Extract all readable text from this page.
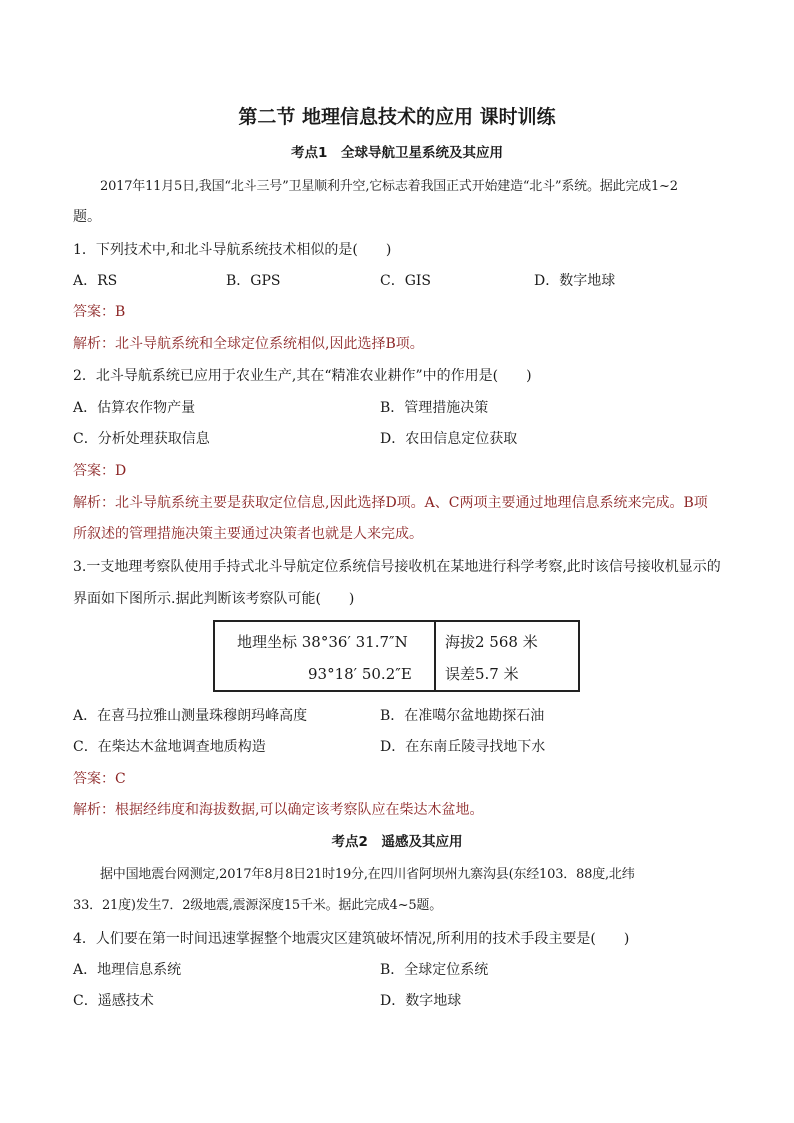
第二节 地理信息技术的应用 课时训练
考点1　全球导航卫星系统及其应用
2017年11月5日,我国“北斗三号”卫星顺利升空,它标志着我国正式开始建造“北斗”系统。据此完成1~2
题。
1．下列技术中,和北斗导航系统技术相似的是(　　)
A．RS	B．GPS	C．GIS	D．数字地球
答案：B
解析：北斗导航系统和全球定位系统相似,因此选择B项。
2．北斗导航系统已应用于农业生产,其在“精准农业耕作”中的作用是(　　)
A．估算农作物产量	B．管理措施决策
C．分析处理获取信息	D．农田信息定位获取
答案：D
解析：北斗导航系统主要是获取定位信息,因此选择D项。A、C两项主要通过地理信息系统来完成。B项
所叙述的管理措施决策主要通过决策者也就是人来完成。
3.一支地理考察队使用手持式北斗导航定位系统信号接收机在某地进行科学考察,此时该信号接收机显示的
界面如下图所示.据此判断该考察队可能(　　)
地理坐标 38°36′ 31.7″N
93°18′ 50.2″E
海拔2 568 米
误差5.7 米
A．在喜马拉雅山测量珠穆朗玛峰高度	B．在准噶尔盆地勘探石油
C．在柴达木盆地调查地质构造	D．在东南丘陵寻找地下水
答案：C
解析：根据经纬度和海拔数据,可以确定该考察队应在柴达木盆地。
考点2　遥感及其应用
据中国地震台网测定,2017年8月8日21时19分,在四川省阿坝州九寨沟县(东经103．88度,北纬
33．21度)发生7．2级地震,震源深度15千米。据此完成4~5题。
4．人们要在第一时间迅速掌握整个地震灾区建筑破坏情况,所利用的技术手段主要是(　　)
A．地理信息系统	B．全球定位系统
C．遥感技术	D．数字地球
